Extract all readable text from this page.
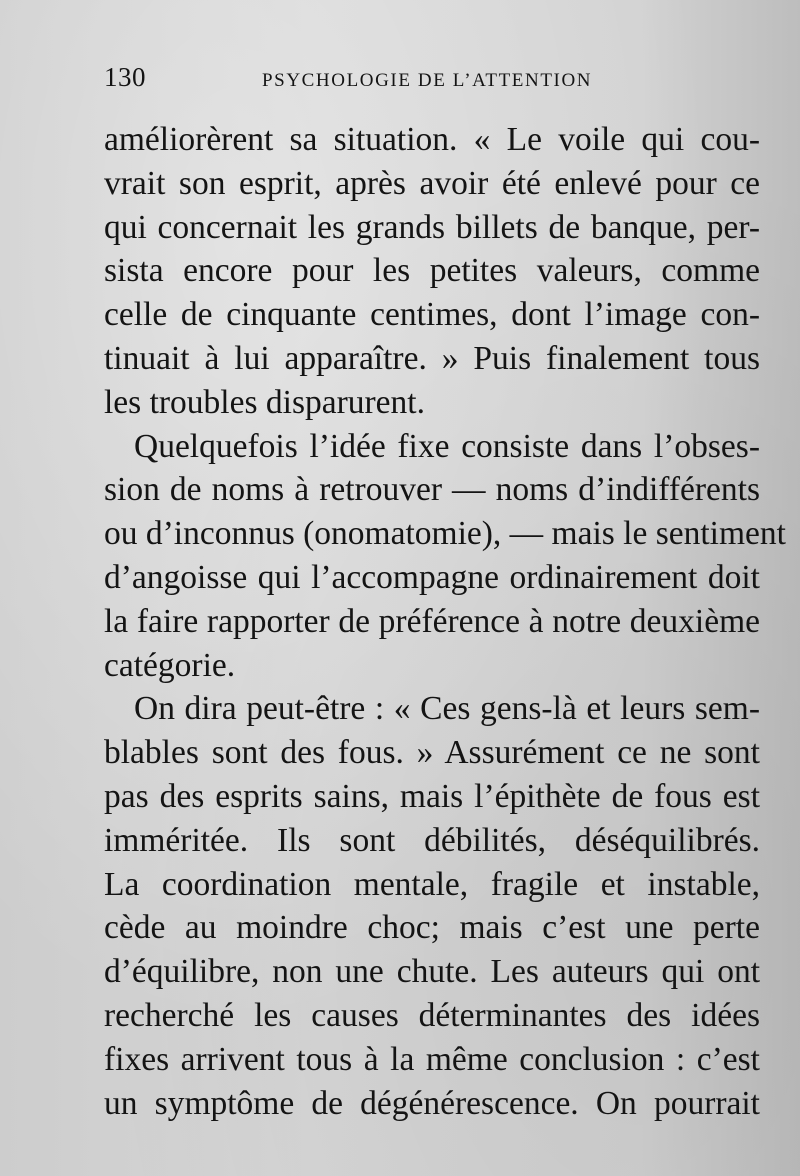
130	PSYCHOLOGIE DE L’ATTENTION
améliorèrent sa situation. « Le voile qui cou-
vrait son esprit, après avoir été enlevé pour ce
qui concernait les grands billets de banque, per-
sista encore pour les petites valeurs, comme
celle de cinquante centimes, dont l’image con-
tinuait à lui apparaître. » Puis finalement tous
les troubles disparurent.
Quelquefois l’idée fixe consiste dans l’obses-
sion de noms à retrouver — noms d’indifférents
ou d’inconnus (onomatomie), — mais le sentiment
d’angoisse qui l’accompagne ordinairement doit
la faire rapporter de préférence à notre deuxième
catégorie.
On dira peut-être : « Ces gens-là et leurs sem-
blables sont des fous. » Assurément ce ne sont
pas des esprits sains, mais l’épithète de fous est
imméritée. Ils sont débilités, déséquilibrés.
La coordination mentale, fragile et instable,
cède au moindre choc; mais c’est une perte
d’équilibre, non une chute. Les auteurs qui ont
recherché les causes déterminantes des idées
fixes arrivent tous à la même conclusion : c’est
un symptôme de dégénérescence. On pourrait
